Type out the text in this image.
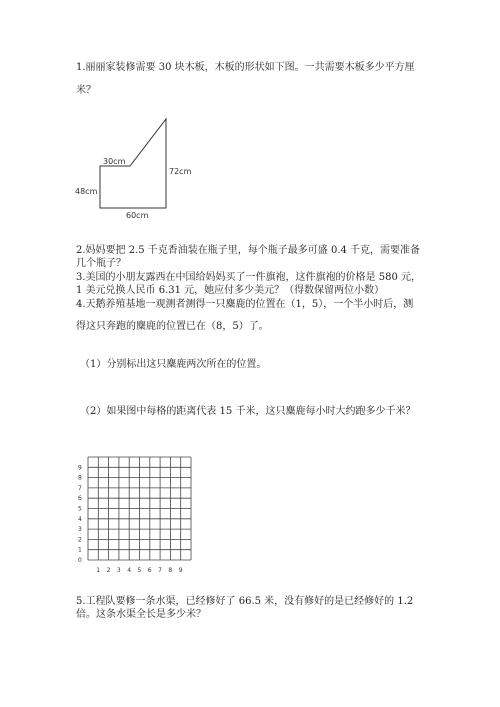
1.丽丽家装修需要 30 块木板，木板的形状如下图。一共需要木板多少平方厘
米？
30cm
72cm
48cm
60cm
2.妈妈要把 2.5 千克香油装在瓶子里，每个瓶子最多可盛 0.4 千克，需要准备
几个瓶子？
3.美国的小朋友露西在中国给妈妈买了一件旗袍，这件旗袍的价格是 580 元，
1 美元兑换人民币 6.31 元，她应付多少美元？（得数保留两位小数）
4.天鹅养殖基地一观测者测得一只麋鹿的位置在（1，5），一个半小时后，测
得这只奔跑的麋鹿的位置已在（8，5）了。
（1）分别标出这只麋鹿两次所在的位置。
（2）如果图中每格的距离代表 15 千米，这只麋鹿每小时大约跑多少千米？
0
1
2
3
4
5
6
7
8
9
1 2 3 4 5 6 7 8 9
5.工程队要修一条水渠，已经修好了 66.5 米，没有修好的是已经修好的 1.2
倍。这条水渠全长是多少米？
